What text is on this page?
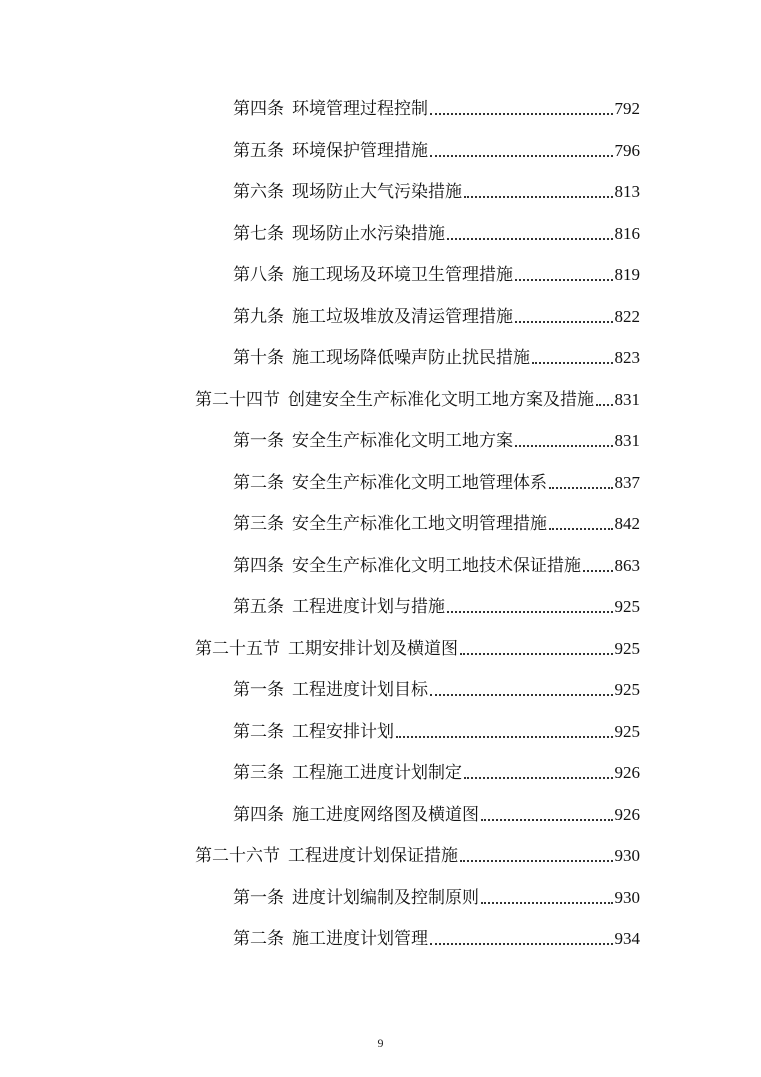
第四条 环境管理过程控制	792
第五条 环境保护管理措施	796
第六条 现场防止大气污染措施	813
第七条 现场防止水污染措施	816
第八条 施工现场及环境卫生管理措施	819
第九条 施工垃圾堆放及清运管理措施	822
第十条 施工现场降低噪声防止扰民措施	823
第二十四节 创建安全生产标准化文明工地方案及措施 831
第一条 安全生产标准化文明工地方案	831
第二条 安全生产标准化文明工地管理体系	837
第三条 安全生产标准化工地文明管理措施	842
第四条 安全生产标准化文明工地技术保证措施 863
第五条 工程进度计划与措施	925
第二十五节 工期安排计划及横道图	925
第一条 工程进度计划目标	925
第二条 工程安排计划	925
第三条 工程施工进度计划制定	926
第四条 施工进度网络图及横道图	926
第二十六节 工程进度计划保证措施	930
第一条 进度计划编制及控制原则	930
第二条 施工进度计划管理	934
9
